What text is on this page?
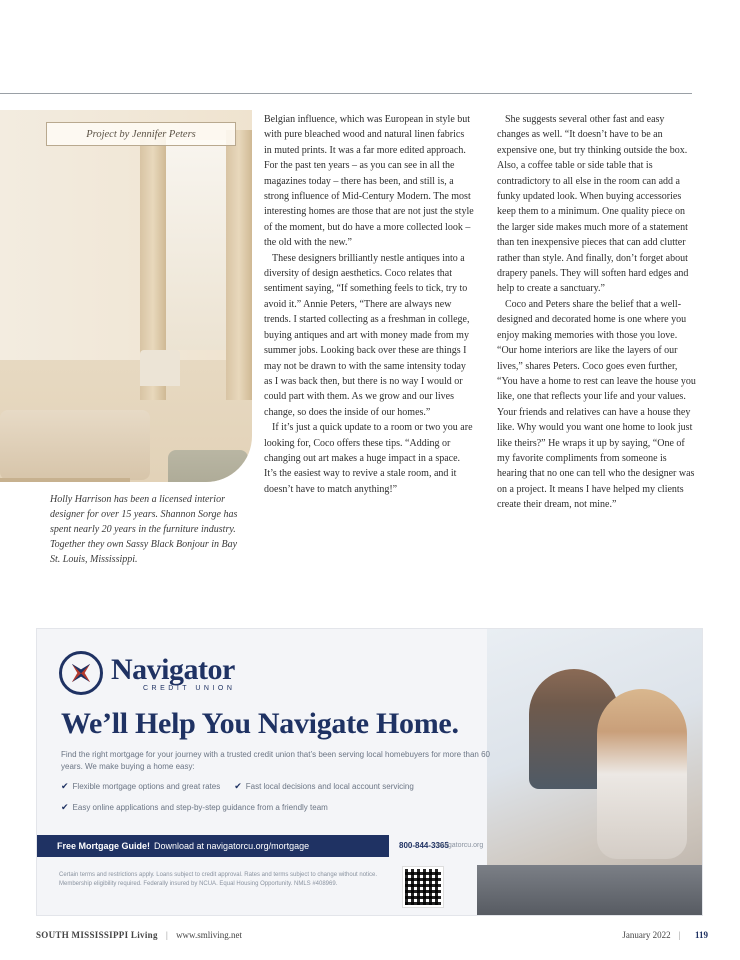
Project by Jennifer Peters
Holly Harrison has been a licensed interior designer for over 15 years. Shannon Sorge has spent nearly 20 years in the furniture industry. Together they own Sassy Black Bonjour in Bay St. Louis, Mississippi.

Belgian influence, which was European in style but with pure bleached wood and natural linen fabrics in muted prints. It was a far more edited approach. For the past ten years – as you can see in all the magazines today – there has been, and still is, a strong influence of Mid-Century Modern. The most interesting homes are those that are not just the style of the moment, but do have a more collected look – the old with the new.”

These designers brilliantly nestle antiques into a diversity of design aesthetics. Coco relates that sentiment saying, “If something feels to tick, try to avoid it.” Annie Peters, “There are always new trends. I started collecting as a freshman in college, buying antiques and art with money made from my summer jobs. Looking back over these are things I may not be drawn to with the same intensity today as I was back then, but there is no way I would or could part with them. As we grow and our lives change, so does the inside of our homes.”

If it’s just a quick update to a room or two you are looking for, Coco offers these tips. “Adding or changing out art makes a huge impact in a space. It’s the easiest way to revive a stale room, and it doesn’t have to match anything!”

She suggests several other fast and easy changes as well. “It doesn’t have to be an expensive one, but try thinking outside the box. Also, a coffee table or side table that is contradictory to all else in the room can add a funky updated look. When buying accessories keep them to a minimum. One quality piece on the larger side makes much more of a statement than ten inexpensive pieces that can add clutter rather than style. And finally, don’t forget about drapery panels. They will soften hard edges and help to create a sanctuary.”

Coco and Peters share the belief that a well-designed and decorated home is one where you enjoy making memories with those you love. “Our home interiors are like the layers of our lives,” shares Peters. Coco goes even further, “You have a home to rest can leave the house you like, one that reflects your life and your values. Your friends and relatives can have a house they like. Why would you want one home to look just like theirs?” He wraps it up by saying, “One of my favorite compliments from someone is hearing that no one can tell who the designer was on a project. It means I have helped my clients create their dream, not mine.”

Navigator
CREDIT UNION
We’ll Help You Navigate Home.
Find the right mortgage for your journey with a trusted credit union that’s been serving local homebuyers for more than 60 years. We make buying a home easy:
✔ Flexible mortgage options and great rates ✔ Fast local decisions and local account servicing
✔ Easy online applications and step-by-step guidance from a friendly team
Free Mortgage Guide! Download at navigatorcu.org/mortgage	800-844-3365
navigatorcu.org
Certain terms and restrictions apply. Loans subject to credit approval. Rates and terms subject to change without notice. Membership eligibility required. Federally insured by NCUA. Equal Housing Opportunity. NMLS #408969.
SOUTH MISSISSIPPI Living | www.smliving.net	January 2022 | 119
